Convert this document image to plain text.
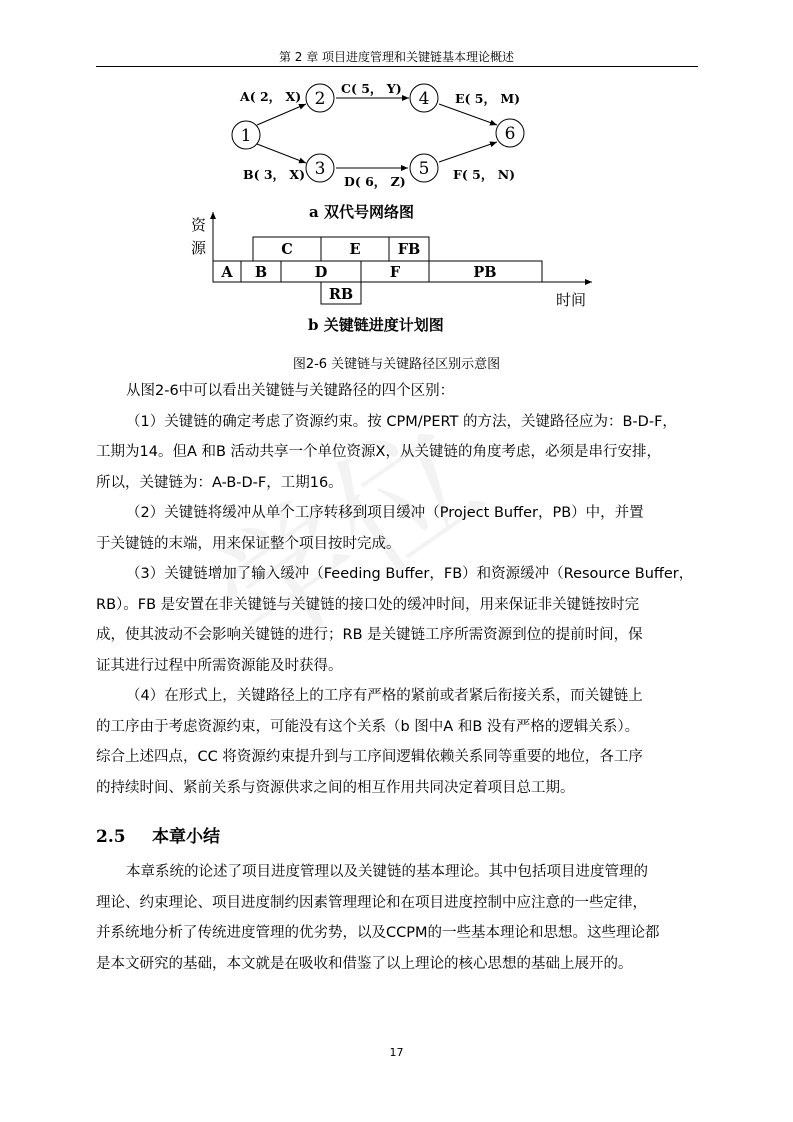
第 2 章 项目进度管理和关键链基本理论概述
1
2
3
4
5
6
A( 2， X)
C( 5， Y)
E( 5， M)
B( 3， X)	D( 6， Z)	F( 5， N)
a 双代号网络图
资
源
时间
A B	D	F	PB
C	E	FB
RB
b 关键链进度计划图
图2-6 关键链与关键路径区别示意图
从图2-6中可以看出关键链与关键路径的四个区别：
（1）关键链的确定考虑了资源约束。按 CPM/PERT 的方法，关键路径应为：B-D-F，
工期为14。但A 和B 活动共享一个单位资源X，从关键链的角度考虑，必须是串行安排，
所以，关键链为：A-B-D-F，工期16。
（2）关键链将缓冲从单个工序转移到项目缓冲（Project Buffer，PB）中，并置
于关键链的末端，用来保证整个项目按时完成。
（3）关键链增加了输入缓冲（Feeding Buffer，FB）和资源缓冲（Resource Buffer，
RB）。FB 是安置在非关键链与关键链的接口处的缓冲时间，用来保证非关键链按时完
成，使其波动不会影响关键链的进行；RB 是关键链工序所需资源到位的提前时间，保
证其进行过程中所需资源能及时获得。
（4）在形式上，关键路径上的工序有严格的紧前或者紧后衔接关系，而关键链上
的工序由于考虑资源约束，可能没有这个关系（b 图中A 和B 没有严格的逻辑关系）。
综合上述四点，CC 将资源约束提升到与工序间逻辑依赖关系同等重要的地位，各工序
的持续时间、紧前关系与资源供求之间的相互作用共同决定着项目总工期。
2.5 本章小结
本章系统的论述了项目进度管理以及关键链的基本理论。其中包括项目进度管理的
理论、约束理论、项目进度制约因素管理理论和在项目进度控制中应注意的一些定律，
并系统地分析了传统进度管理的优劣势，以及CCPM的一些基本理论和思想。这些理论都
是本文研究的基础，本文就是在吸收和借鉴了以上理论的核心思想的基础上展开的。
17
